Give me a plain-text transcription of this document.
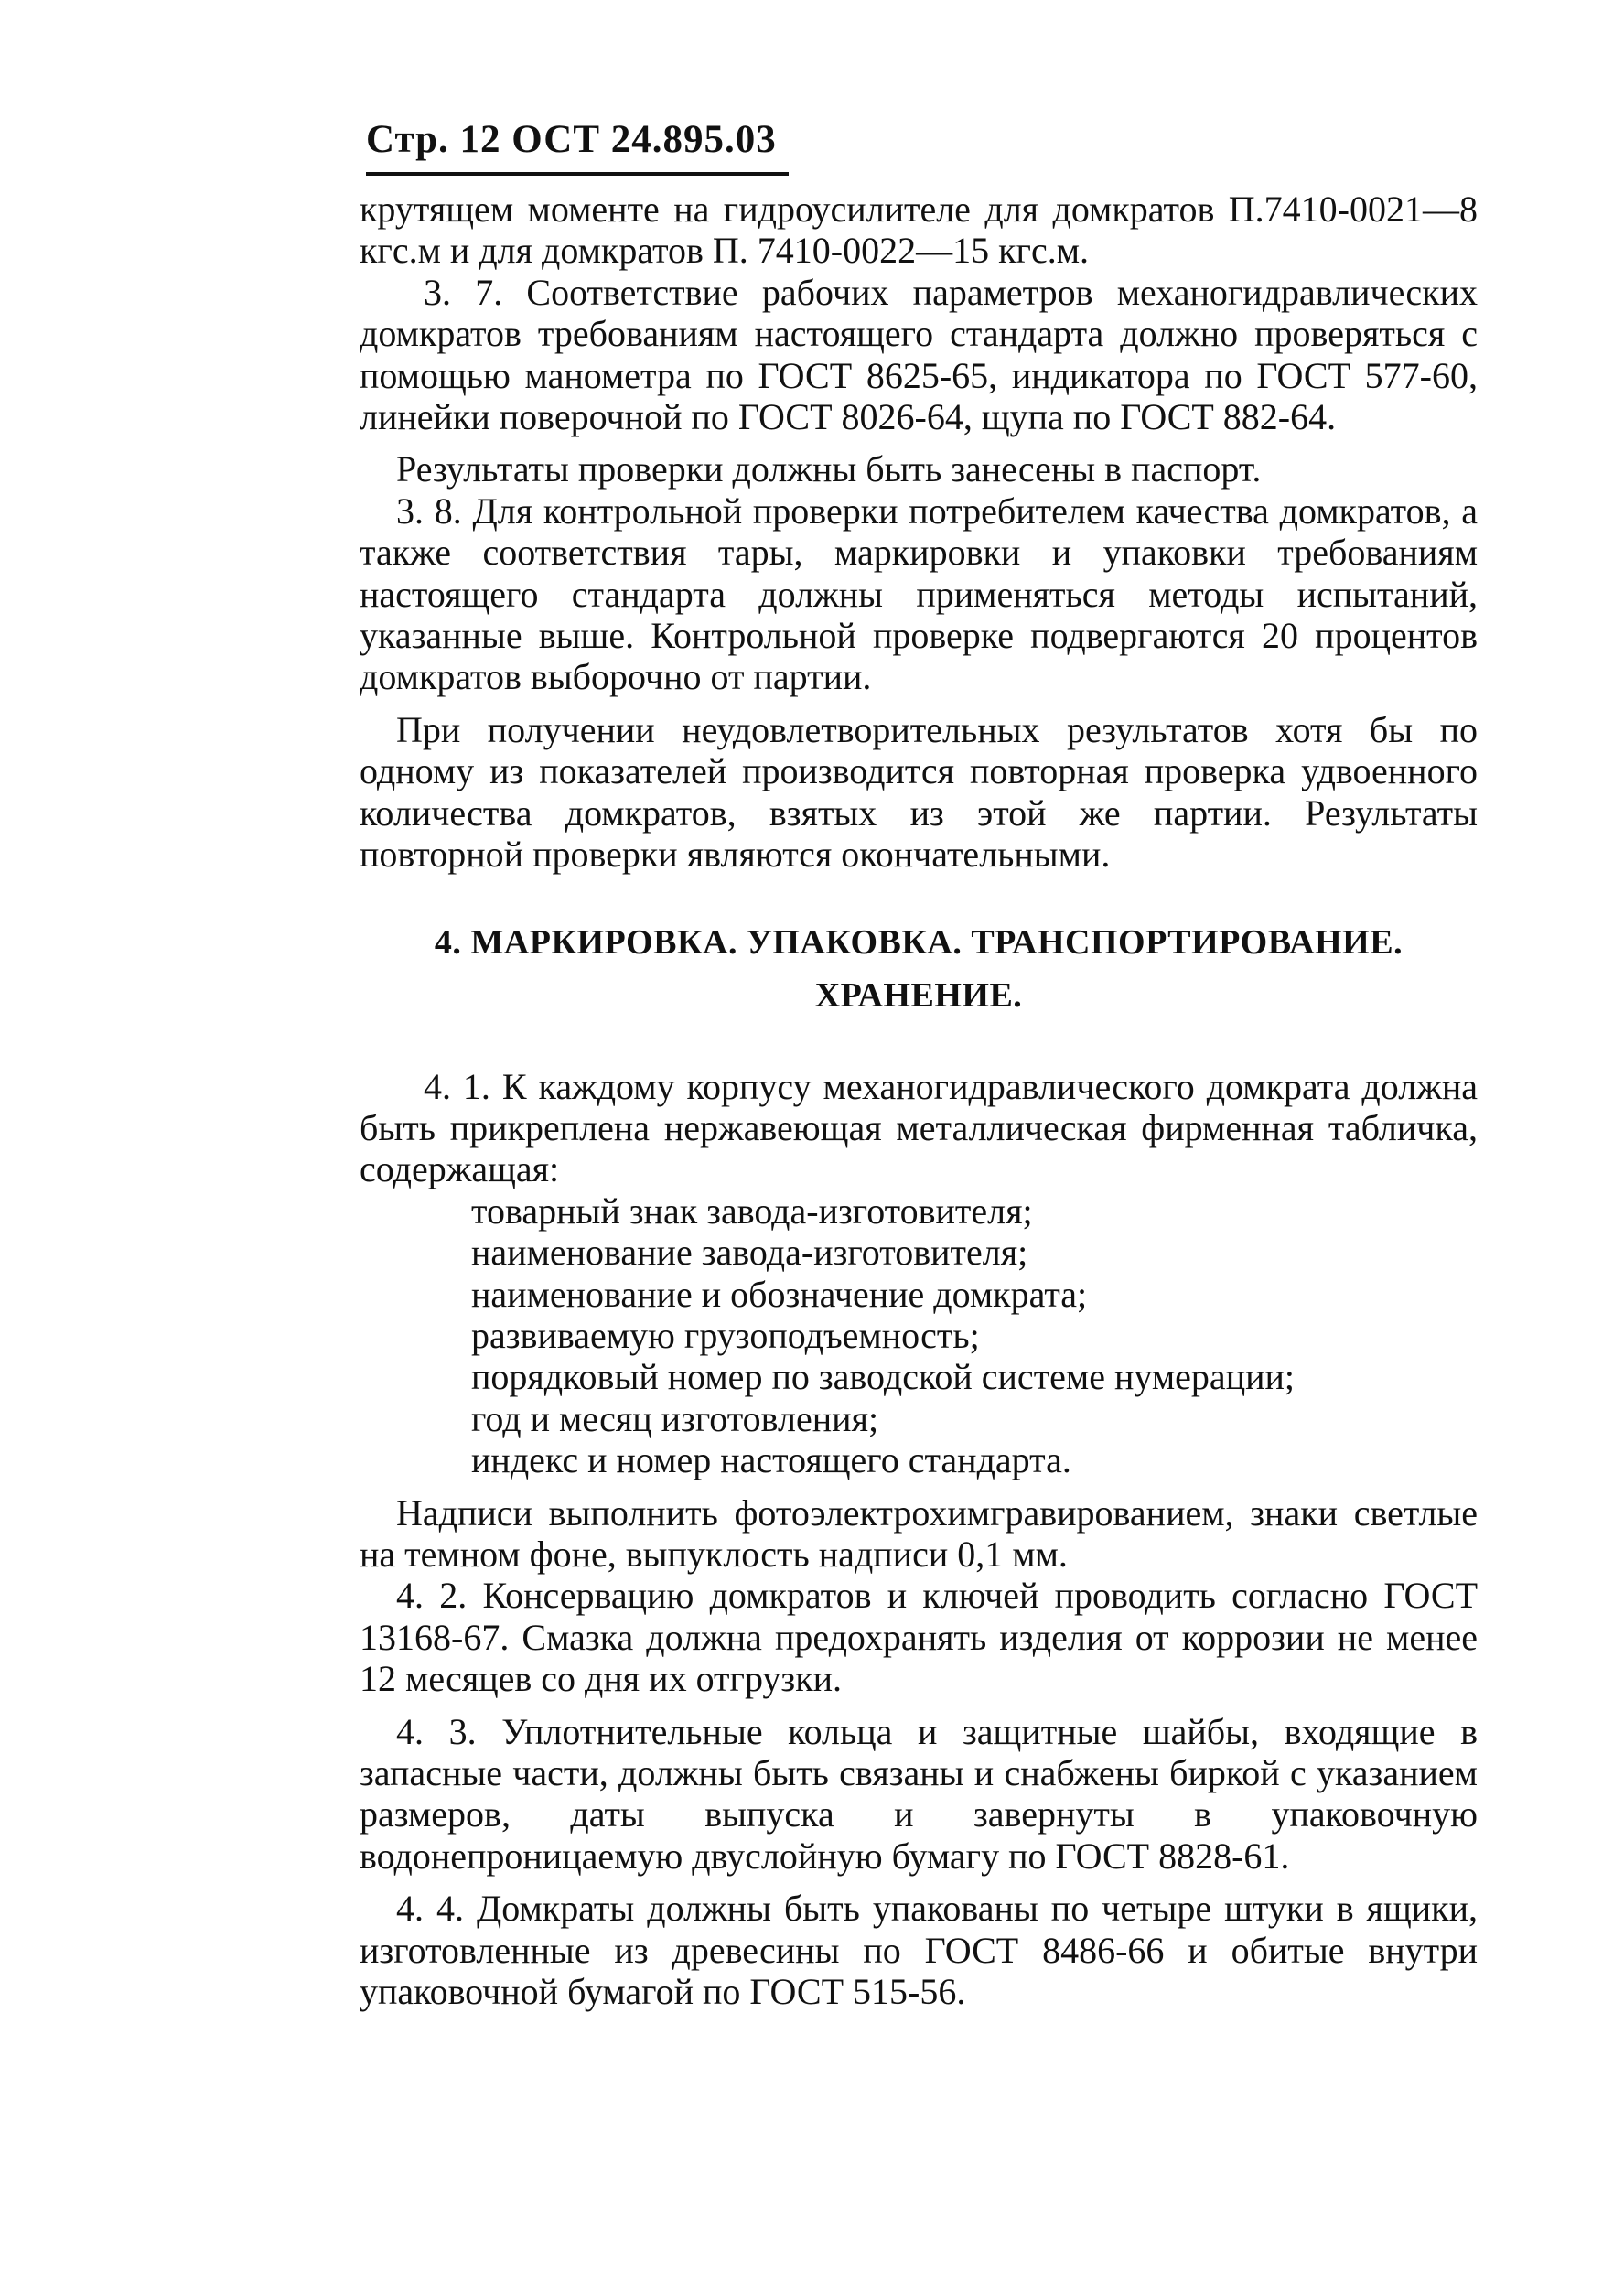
Стр. 12 ОСТ 24.895.03

крутящем моменте на гидроусилителе для домкратов П.7410-0021—8 кгс.м и для домкратов П. 7410-0022—15 кгс.м.

3. 7. Соответствие рабочих параметров механогидравлических домкратов требованиям настоящего стандарта должно проверяться с помощью манометра по ГОСТ 8625-65, индикатора по ГОСТ 577-60, линейки поверочной по ГОСТ 8026-64, щупа по ГОСТ 882-64.

Результаты проверки должны быть занесены в паспорт.

3. 8. Для контрольной проверки потребителем качества домкратов, а также соответствия тары, маркировки и упаковки требованиям настоящего стандарта должны применяться методы испытаний, указанные выше. Контрольной проверке подвергаются 20 процентов домкратов выборочно от партии.

При получении неудовлетворительных результатов хотя бы по одному из показателей производится повторная проверка удвоенного количества домкратов, взятых из этой же партии. Результаты повторной проверки являются окончательными.

4. МАРКИРОВКА. УПАКОВКА. ТРАНСПОРТИРОВАНИЕ.
ХРАНЕНИЕ.

4. 1. К каждому корпусу механогидравлического домкрата должна быть прикреплена нержавеющая металлическая фирменная табличка, содержащая:

товарный знак завода-изготовителя;
наименование завода-изготовителя;
наименование и обозначение домкрата;
развиваемую грузоподъемность;
порядковый номер по заводской системе нумерации;
год и месяц изготовления;
индекс и номер настоящего стандарта.

Надписи выполнить фотоэлектрохимгравированием, знаки светлые на темном фоне, выпуклость надписи 0,1 мм.

4. 2. Консервацию домкратов и ключей проводить согласно ГОСТ 13168-67. Смазка должна предохранять изделия от коррозии не менее 12 месяцев со дня их отгрузки.

4. 3. Уплотнительные кольца и защитные шайбы, входящие в запасные части, должны быть связаны и снабжены биркой с указанием размеров, даты выпуска и завернуты в упаковочную водонепроницаемую двуслойную бумагу по ГОСТ 8828-61.

4. 4. Домкраты должны быть упакованы по четыре штуки в ящики, изготовленные из древесины по ГОСТ 8486-66 и обитые внутри упаковочной бумагой по ГОСТ 515-56.
